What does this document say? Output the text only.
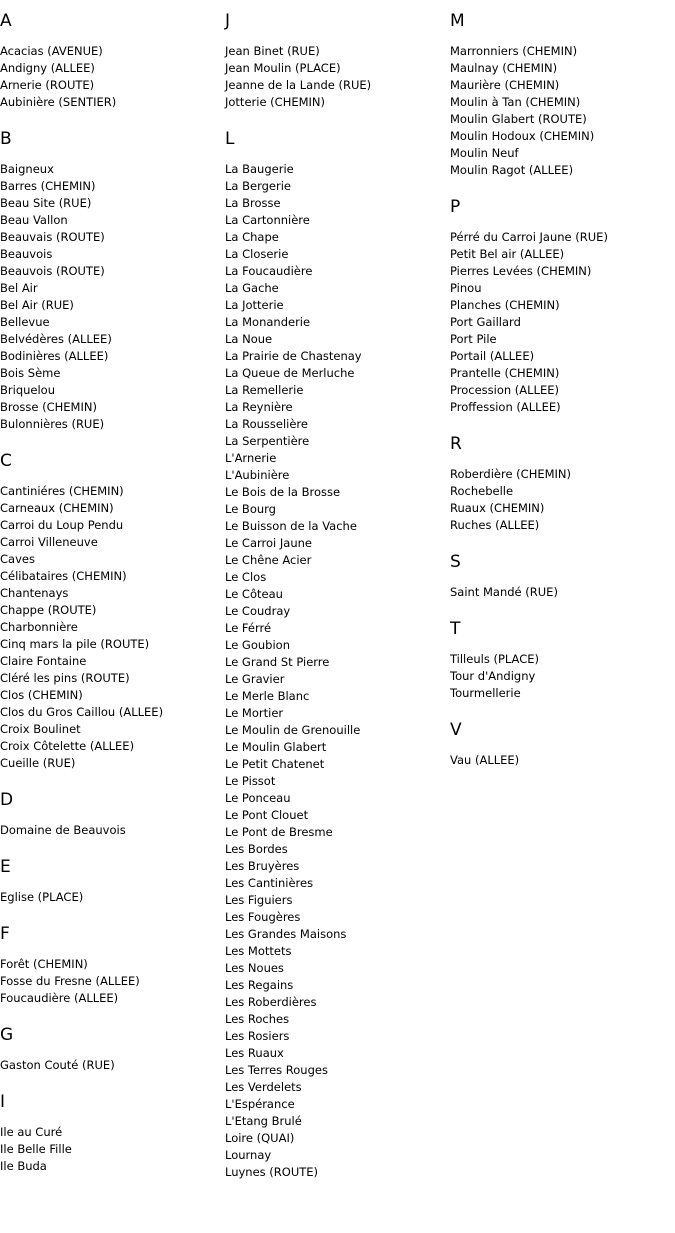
A
Acacias (AVENUE)
Andigny (ALLEE)
Arnerie (ROUTE)
Aubinière (SENTIER)
B
Baigneux
Barres (CHEMIN)
Beau Site (RUE)
Beau Vallon
Beauvais (ROUTE)
Beauvois
Beauvois (ROUTE)
Bel Air
Bel Air (RUE)
Bellevue
Belvédères (ALLEE)
Bodinières (ALLEE)
Bois Sème
Briquelou
Brosse (CHEMIN)
Bulonnières (RUE)
C
Cantiniéres (CHEMIN)
Carneaux (CHEMIN)
Carroi du Loup Pendu
Carroi Villeneuve
Caves
Célibataires (CHEMIN)
Chantenays
Chappe (ROUTE)
Charbonnière
Cinq mars la pile (ROUTE)
Claire Fontaine
Cléré les pins (ROUTE)
Clos (CHEMIN)
Clos du Gros Caillou (ALLEE)
Croix Boulinet
Croix Côtelette (ALLEE)
Cueille (RUE)
D
Domaine de Beauvois
E
Eglise (PLACE)
F
Forêt (CHEMIN)
Fosse du Fresne (ALLEE)
Foucaudière (ALLEE)
G
Gaston Couté (RUE)
I
Ile au Curé
Ile Belle Fille
Ile Buda
J
Jean Binet (RUE)
Jean Moulin (PLACE)
Jeanne de la Lande (RUE)
Jotterie (CHEMIN)
L
La Baugerie
La Bergerie
La Brosse
La Cartonnière
La Chape
La Closerie
La Foucaudière
La Gache
La Jotterie
La Monanderie
La Noue
La Prairie de Chastenay
La Queue de Merluche
La Remellerie
La Reynière
La Rousselière
La Serpentière
L'Arnerie
L'Aubinière
Le Bois de la Brosse
Le Bourg
Le Buisson de la Vache
Le Carroi Jaune
Le Chêne Acier
Le Clos
Le Côteau
Le Coudray
Le Férré
Le Goubion
Le Grand St Pierre
Le Gravier
Le Merle Blanc
Le Mortier
Le Moulin de Grenouille
Le Moulin Glabert
Le Petit Chatenet
Le Pissot
Le Ponceau
Le Pont Clouet
Le Pont de Bresme
Les Bordes
Les Bruyères
Les Cantinières
Les Figuiers
Les Fougères
Les Grandes Maisons
Les Mottets
Les Noues
Les Regains
Les Roberdières
Les Roches
Les Rosiers
Les Ruaux
Les Terres Rouges
Les Verdelets
L'Espérance
L'Etang Brulé
Loire (QUAI)
Lournay
Luynes (ROUTE)
M
Marronniers (CHEMIN)
Maulnay (CHEMIN)
Maurière (CHEMIN)
Moulin à Tan (CHEMIN)
Moulin Glabert (ROUTE)
Moulin Hodoux (CHEMIN)
Moulin Neuf
Moulin Ragot (ALLEE)
P
Pérré du Carroi Jaune (RUE)
Petit Bel air (ALLEE)
Pierres Levées (CHEMIN)
Pinou
Planches (CHEMIN)
Port Gaillard
Port Pile
Portail (ALLEE)
Prantelle (CHEMIN)
Procession (ALLEE)
Proffession (ALLEE)
R
Roberdière (CHEMIN)
Rochebelle
Ruaux (CHEMIN)
Ruches (ALLEE)
S
Saint Mandé (RUE)
T
Tilleuls (PLACE)
Tour d'Andigny
Tourmellerie
V
Vau (ALLEE)
